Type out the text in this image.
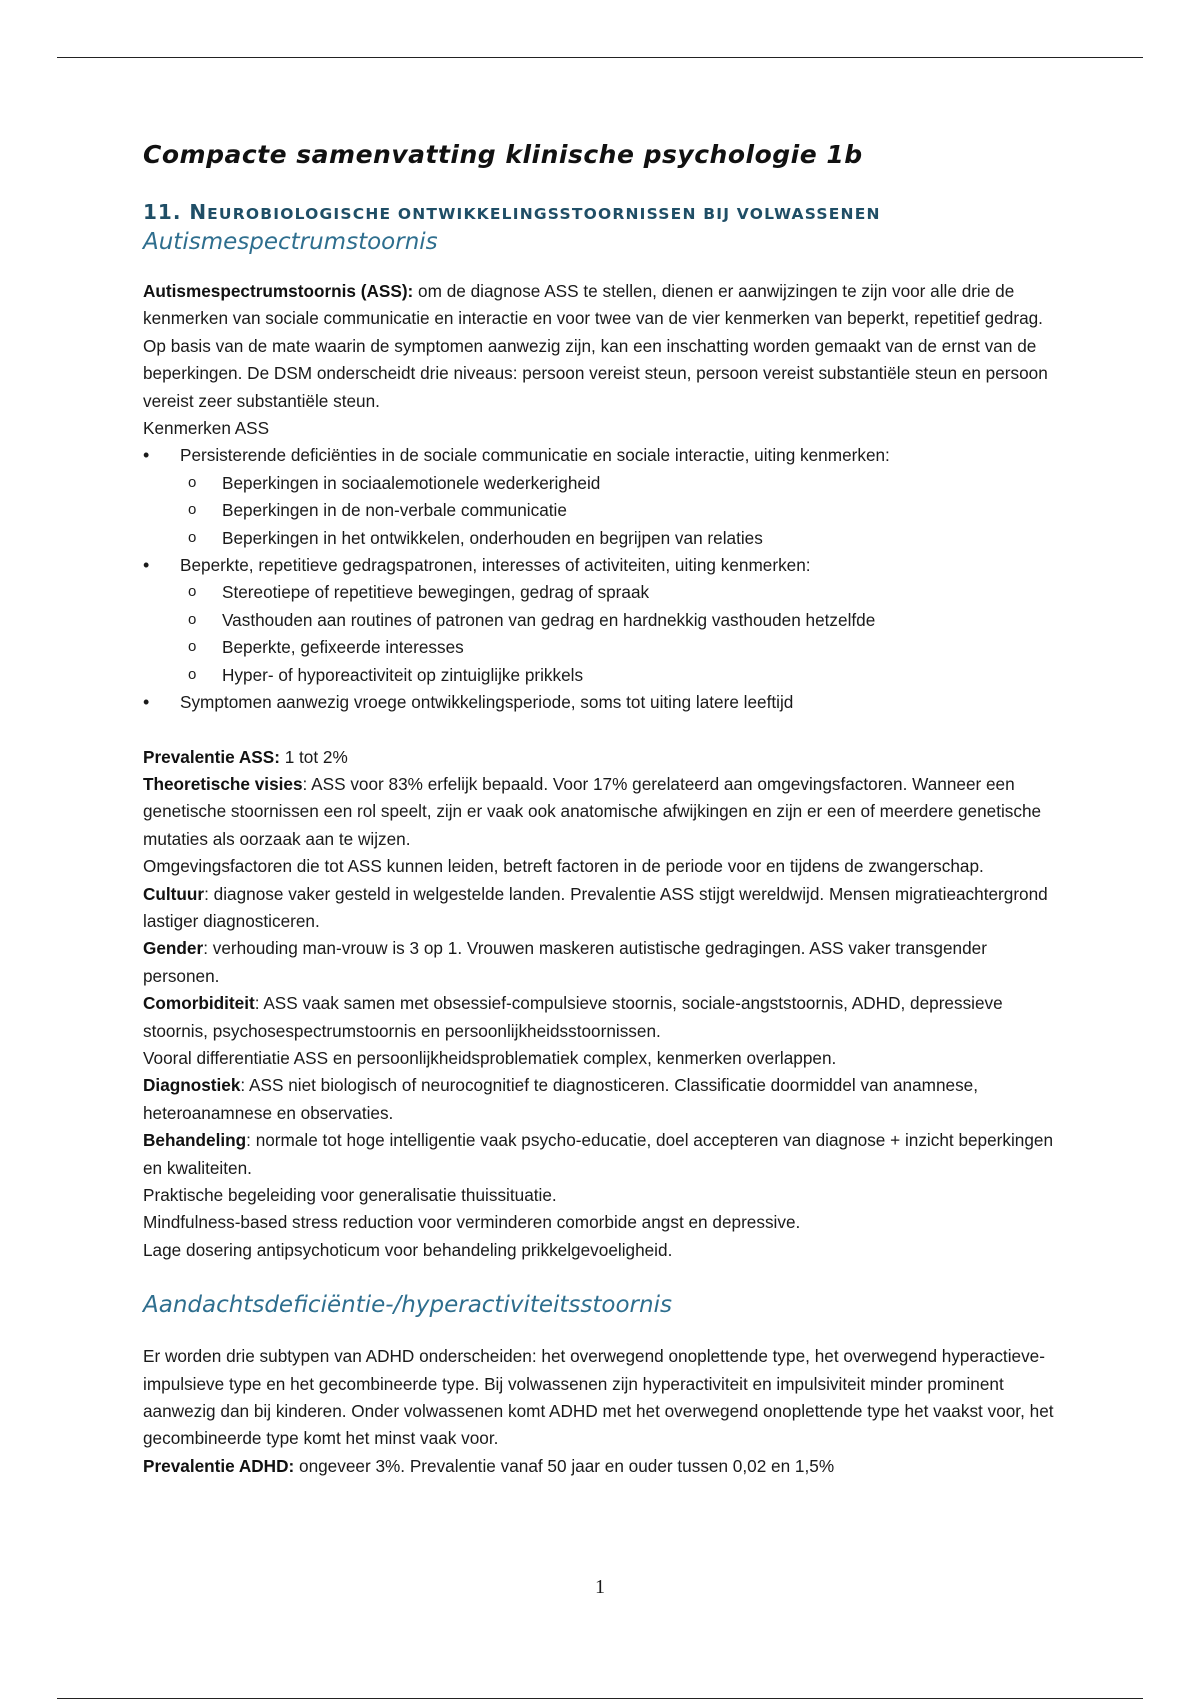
Compacte samenvatting klinische psychologie 1b
11. NEUROBIOLOGISCHE ONTWIKKELINGSSTOORNISSEN BIJ VOLWASSENEN
Autismespectrumstoornis

Autismespectrumstoornis (ASS): om de diagnose ASS te stellen, dienen er aanwijzingen te zijn voor alle drie de kenmerken van sociale communicatie en interactie en voor twee van de vier kenmerken van beperkt, repetitief gedrag. Op basis van de mate waarin de symptomen aanwezig zijn, kan een inschatting worden gemaakt van de ernst van de beperkingen. De DSM onderscheidt drie niveaus: persoon vereist steun, persoon vereist substantiële steun en persoon vereist zeer substantiële steun.

Kenmerken ASS

• Persisterende deficiënties in de sociale communicatie en sociale interactie, uiting kenmerken:
o Beperkingen in sociaalemotionele wederkerigheid
o Beperkingen in de non-verbale communicatie
o Beperkingen in het ontwikkelen, onderhouden en begrijpen van relaties
• Beperkte, repetitieve gedragspatronen, interesses of activiteiten, uiting kenmerken:
o Stereotiepe of repetitieve bewegingen, gedrag of spraak
o Vasthouden aan routines of patronen van gedrag en hardnekkig vasthouden hetzelfde
o Beperkte, gefixeerde interesses
o Hyper- of hyporeactiviteit op zintuiglijke prikkels
• Symptomen aanwezig vroege ontwikkelingsperiode, soms tot uiting latere leeftijd

Prevalentie ASS: 1 tot 2%

Theoretische visies: ASS voor 83% erfelijk bepaald. Voor 17% gerelateerd aan omgevingsfactoren. Wanneer een genetische stoornissen een rol speelt, zijn er vaak ook anatomische afwijkingen en zijn er een of meerdere genetische mutaties als oorzaak aan te wijzen.

Omgevingsfactoren die tot ASS kunnen leiden, betreft factoren in de periode voor en tijdens de zwangerschap.

Cultuur: diagnose vaker gesteld in welgestelde landen. Prevalentie ASS stijgt wereldwijd. Mensen migratieachtergrond lastiger diagnosticeren.

Gender: verhouding man-vrouw is 3 op 1. Vrouwen maskeren autistische gedragingen. ASS vaker transgender personen.

Comorbiditeit: ASS vaak samen met obsessief-compulsieve stoornis, sociale-angststoornis, ADHD, depressieve stoornis, psychosespectrumstoornis en persoonlijkheidsstoornissen.

Vooral differentiatie ASS en persoonlijkheidsproblematiek complex, kenmerken overlappen.

Diagnostiek: ASS niet biologisch of neurocognitief te diagnosticeren. Classificatie doormiddel van anamnese, heteroanamnese en observaties.

Behandeling: normale tot hoge intelligentie vaak psycho-educatie, doel accepteren van diagnose + inzicht beperkingen en kwaliteiten.

Praktische begeleiding voor generalisatie thuissituatie.

Mindfulness-based stress reduction voor verminderen comorbide angst en depressive.

Lage dosering antipsychoticum voor behandeling prikkelgevoeligheid.

Aandachtsdeficiëntie-/hyperactiviteitsstoornis

Er worden drie subtypen van ADHD onderscheiden: het overwegend onoplettende type, het overwegend hyperactieve-impulsieve type en het gecombineerde type. Bij volwassenen zijn hyperactiviteit en impulsiviteit minder prominent aanwezig dan bij kinderen. Onder volwassenen komt ADHD met het overwegend onoplettende type het vaakst voor, het gecombineerde type komt het minst vaak voor.

Prevalentie ADHD: ongeveer 3%. Prevalentie vanaf 50 jaar en ouder tussen 0,02 en 1,5%

1
